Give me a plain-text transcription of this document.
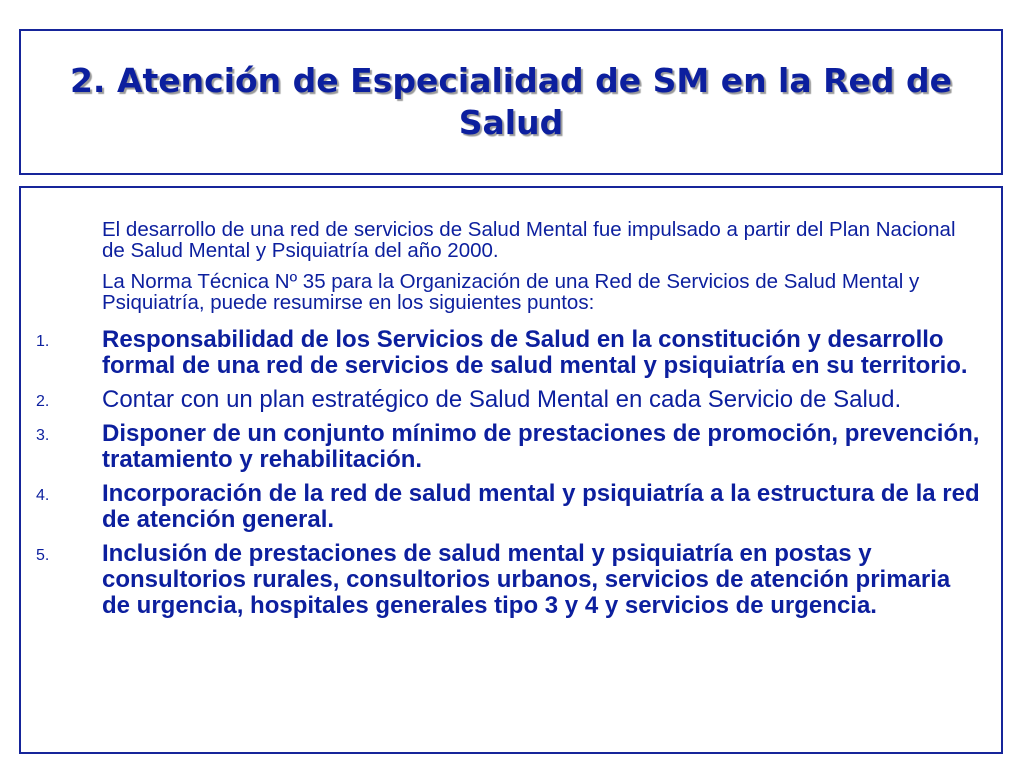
2. Atención de Especialidad de SM en la Red de Salud

El desarrollo de una red de servicios de Salud Mental fue impulsado a partir del Plan Nacional de Salud Mental y Psiquiatría del año 2000.

La Norma Técnica Nº 35 para la Organización de una Red de Servicios de Salud Mental y Psiquiatría, puede resumirse en los siguientes puntos:

1. Responsabilidad de los Servicios de Salud en la constitución y desarrollo formal de una red de servicios de salud mental y psiquiatría en su territorio.
2. Contar con un plan estratégico de Salud Mental en cada Servicio de Salud.
3. Disponer de un conjunto mínimo de prestaciones de promoción, prevención, tratamiento y rehabilitación.
4. Incorporación de la red de salud mental y psiquiatría a la estructura de la red de atención general.
5. Inclusión de prestaciones de salud mental y psiquiatría en postas y consultorios rurales, consultorios urbanos, servicios de atención primaria de urgencia, hospitales generales tipo 3 y 4 y servicios de urgencia.
